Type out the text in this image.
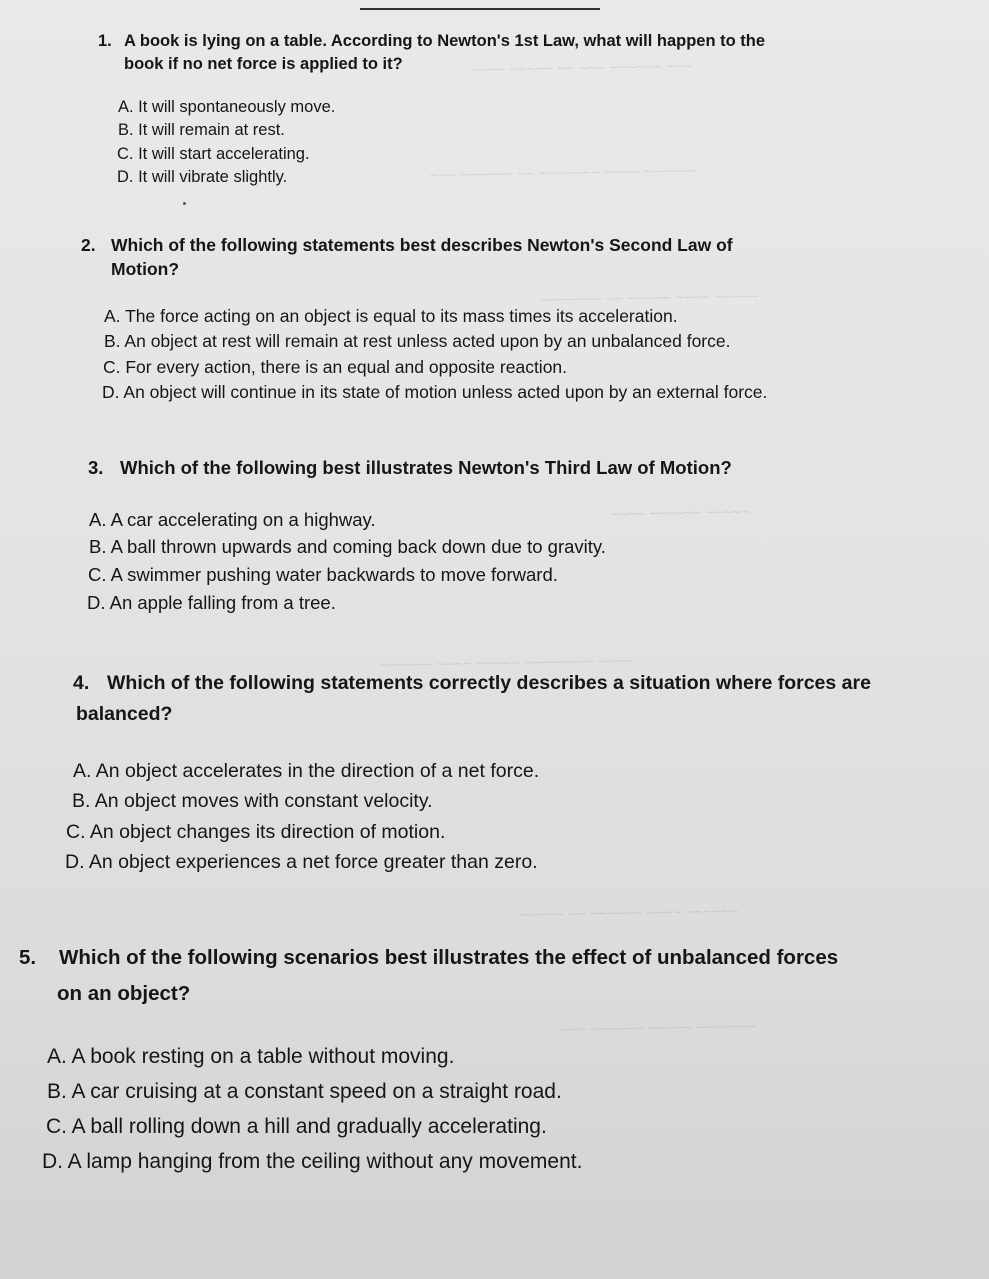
~~~~ ~~~~~ ~~ ~~~ ~~~~~~ ~~~
~~~ ~~~~~~ ~~ ~~~~~~~ ~~~~ ~~~~~~
~~~~~~~ ~~ ~~~~~ ~~~~ ~~~~~
~~~~ ~~~~~~ ~~~~~
~~~~~~ ~~~~ ~~~~~ ~~~~~~~~ ~~~~
~~~~~ ~~ ~~~~~~ ~~~~ ~~~~~~
~~~ ~~~~~~ ~~~~~ ~~~~~~~
1. A book is lying on a table. According to Newton's 1st Law, what will happen to the
book if no net force is applied to it?
A. It will spontaneously move.
B. It will remain at rest.
C. It will start accelerating.
D. It will vibrate slightly.
2. Which of the following statements best describes Newton's Second Law of
Motion?
A. The force acting on an object is equal to its mass times its acceleration.
B. An object at rest will remain at rest unless acted upon by an unbalanced force.
C. For every action, there is an equal and opposite reaction.
D. An object will continue in its state of motion unless acted upon by an external force.
3. Which of the following best illustrates Newton's Third Law of Motion?
A. A car accelerating on a highway.
B. A ball thrown upwards and coming back down due to gravity.
C. A swimmer pushing water backwards to move forward.
D. An apple falling from a tree.
4. Which of the following statements correctly describes a situation where forces are
balanced?
A. An object accelerates in the direction of a net force.
B. An object moves with constant velocity.
C. An object changes its direction of motion.
D. An object experiences a net force greater than zero.
5. Which of the following scenarios best illustrates the effect of unbalanced forces
on an object?
A. A book resting on a table without moving.
B. A car cruising at a constant speed on a straight road.
C. A ball rolling down a hill and gradually accelerating.
D. A lamp hanging from the ceiling without any movement.
